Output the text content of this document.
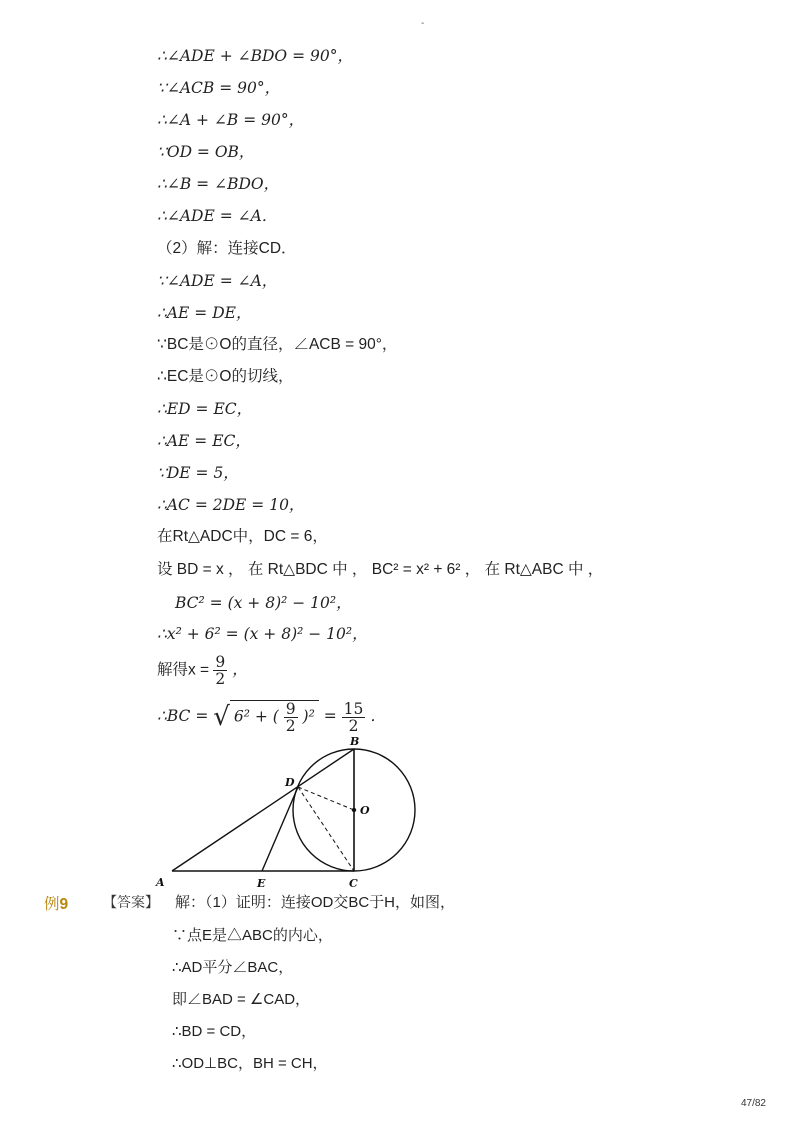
-
∴∠ADE + ∠BDO = 90°，
∵∠ACB = 90°，
∴∠A + ∠B = 90°，
∵OD = OB，
∴∠B = ∠BDO，
∴∠ADE = ∠A．
（2）解：连接CD．
∵∠ADE = ∠A，
∴AE = DE，
∵BC是⊙O的直径，∠ACB = 90°，
∴EC是⊙O的切线，
∴ED = EC，
∴AE = EC，
∵DE = 5，
∴AC = 2DE = 10，
在Rt△ADC中，DC = 6，
设 BD = x ， 在 Rt△BDC 中 ， BC² = x² + 6² ， 在 Rt△ABC 中 ，
BC² = (x + 8)² − 10²，
∴x² + 6² = (x + 8)² − 10²，
解得$x = \frac{9}{2}$ ，
∴BC = √ 6² + ( $\frac{9}{2} )^2 = \frac{15}{2}$ ．
B
D
O
A	E	C
例9 【答案】 解：（1）证明：连接OD交BC于H，如图，
∵点E是△ABC的内心，
∴AD平分∠BAC，
即∠BAD = ∠CAD，
∴BD = CD，
∴OD⊥BC，BH = CH，
47/82
